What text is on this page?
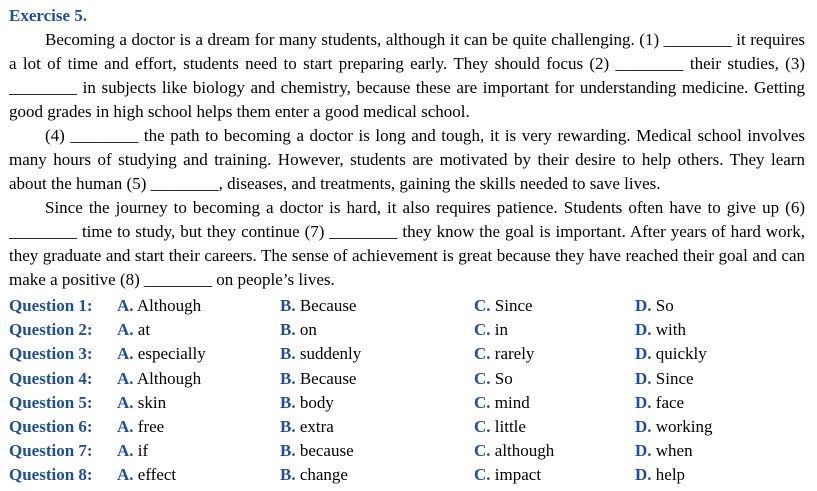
Exercise 5.

Becoming a doctor is a dream for many students, although it can be quite challenging. (1) ________ it requires a lot of time and effort, students need to start preparing early. They should focus (2) ________ their studies, (3) ________ in subjects like biology and chemistry, because these are important for understanding medicine. Getting good grades in high school helps them enter a good medical school.

(4) ________ the path to becoming a doctor is long and tough, it is very rewarding. Medical school involves many hours of studying and training. However, students are motivated by their desire to help others. They learn about the human (5) ________, diseases, and treatments, gaining the skills needed to save lives.

Since the journey to becoming a doctor is hard, it also requires patience. Students often have to give up (6) ________ time to study, but they continue (7) ________ they know the goal is important. After years of hard work, they graduate and start their careers. The sense of achievement is great because they have reached their goal and can make a positive (8) ________ on people’s lives.

Question 1: A. Although	B. Because	C. Since	D. So
Question 2: A. at	B. on	C. in	D. with
Question 3: A. especially	B. suddenly	C. rarely	D. quickly
Question 4: A. Although	B. Because	C. So	D. Since
Question 5: A. skin	B. body	C. mind	D. face
Question 6: A. free	B. extra	C. little	D. working
Question 7: A. if	B. because	C. although	D. when
Question 8: A. effect	B. change	C. impact	D. help
